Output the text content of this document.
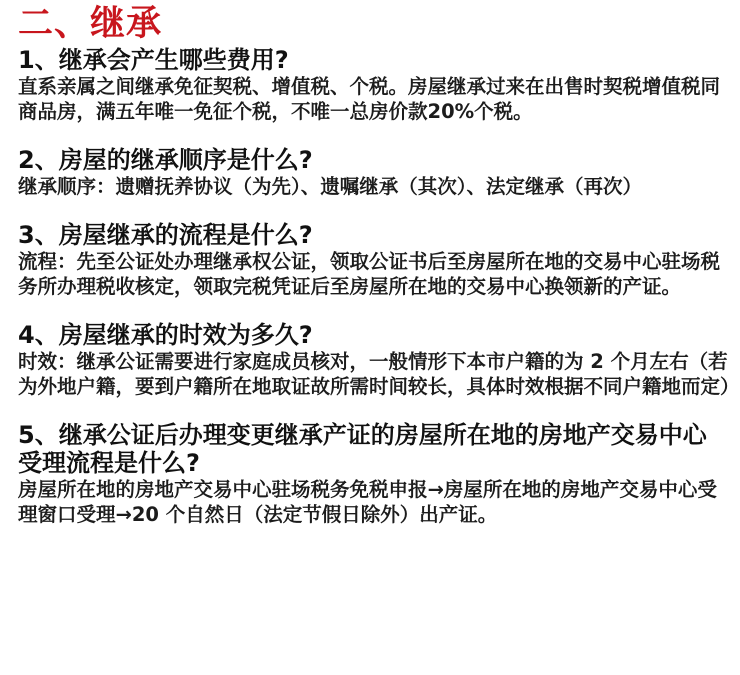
二、继承

1、继承会产生哪些费用?

直系亲属之间继承免征契税、增值税、个税。房屋继承过来在出售时契税增值税同商品房，满五年唯一免征个税，不唯一总房价款20%个税。

2、房屋的继承顺序是什么?

继承顺序：遗赠抚养协议（为先）、遗嘱继承（其次）、法定继承（再次）

3、房屋继承的流程是什么?

流程：先至公证处办理继承权公证，领取公证书后至房屋所在地的交易中心驻场税务所办理税收核定，领取完税凭证后至房屋所在地的交易中心换领新的产证。

4、房屋继承的时效为多久?

时效：继承公证需要进行家庭成员核对，一般情形下本市户籍的为 2 个月左右（若为外地户籍，要到户籍所在地取证故所需时间较长，具体时效根据不同户籍地而定）

5、继承公证后办理变更继承产证的房屋所在地的房地产交易中心受理流程是什么?

房屋所在地的房地产交易中心驻场税务免税申报→房屋所在地的房地产交易中心受理窗口受理→20 个自然日（法定节假日除外）出产证。
